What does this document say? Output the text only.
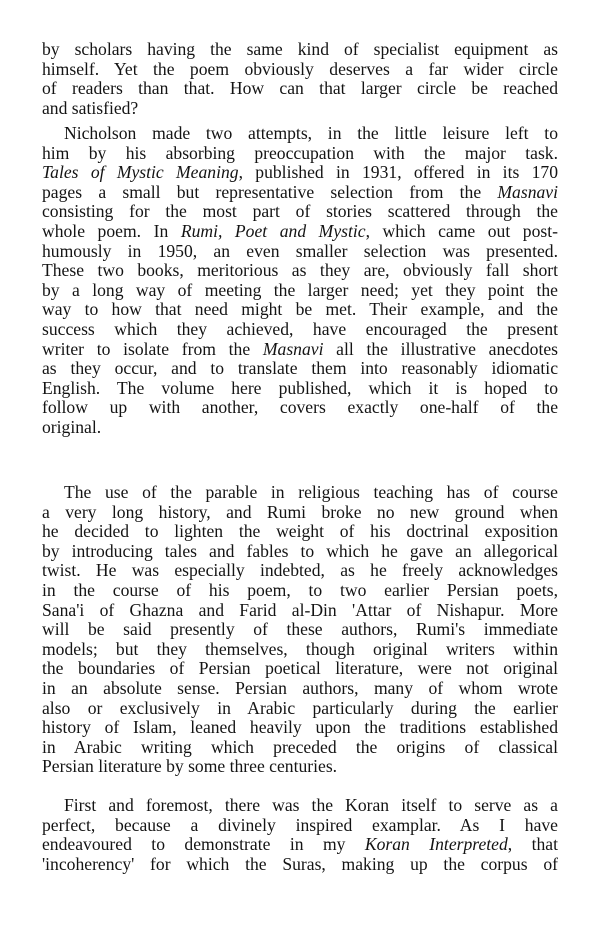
by scholars having the same kind of specialist equipment as
himself. Yet the poem obviously deserves a far wider circle
of readers than that. How can that larger circle be reached
and satisfied?
Nicholson made two attempts, in the little leisure left to
him by his absorbing preoccupation with the major task.
Tales of Mystic Meaning, published in 1931, offered in its 170
pages a small but representative selection from the Masnavi
consisting for the most part of stories scattered through the
whole poem. In Rumi, Poet and Mystic, which came out post-
humously in 1950, an even smaller selection was presented.
These two books, meritorious as they are, obviously fall short
by a long way of meeting the larger need; yet they point the
way to how that need might be met. Their example, and the
success which they achieved, have encouraged the present
writer to isolate from the Masnavi all the illustrative anecdotes
as they occur, and to translate them into reasonably idiomatic
English. The volume here published, which it is hoped to
follow up with another, covers exactly one-half of the
original.
The use of the parable in religious teaching has of course
a very long history, and Rumi broke no new ground when
he decided to lighten the weight of his doctrinal exposition
by introducing tales and fables to which he gave an allegorical
twist. He was especially indebted, as he freely acknowledges
in the course of his poem, to two earlier Persian poets,
Sana'i of Ghazna and Farid al-Din 'Attar of Nishapur. More
will be said presently of these authors, Rumi's immediate
models; but they themselves, though original writers within
the boundaries of Persian poetical literature, were not original
in an absolute sense. Persian authors, many of whom wrote
also or exclusively in Arabic particularly during the earlier
history of Islam, leaned heavily upon the traditions established
in Arabic writing which preceded the origins of classical
Persian literature by some three centuries.
First and foremost, there was the Koran itself to serve as a
perfect, because a divinely inspired examplar. As I have
endeavoured to demonstrate in my Koran Interpreted, that
'incoherency' for which the Suras, making up the corpus of
